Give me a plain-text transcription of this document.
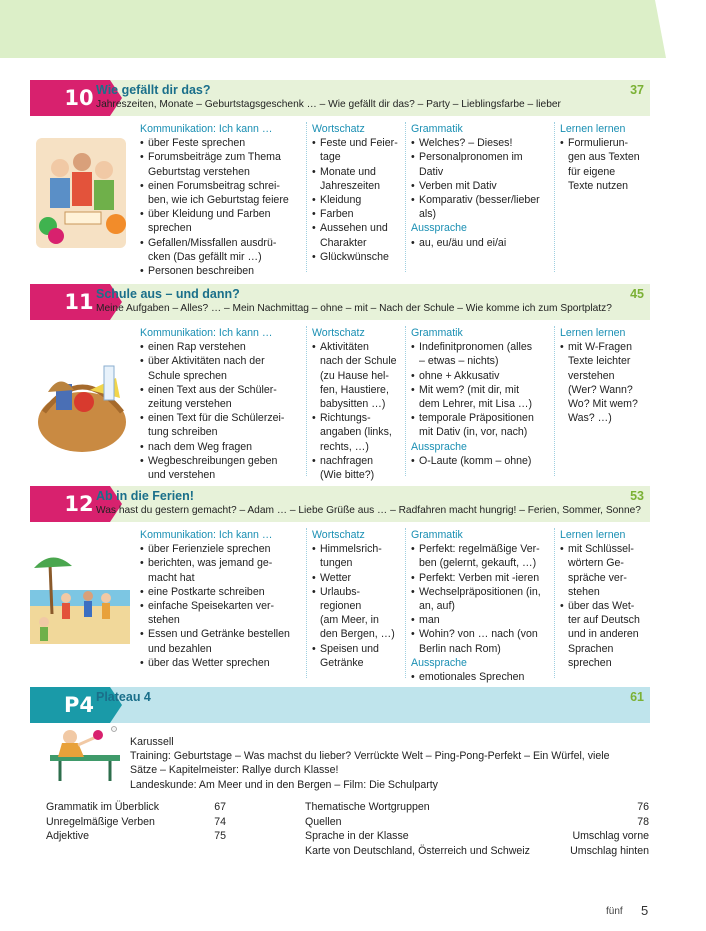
10 Wie gefällt dir das?	37
Jahreszeiten, Monate – Geburtstagsgeschenk … – Wie gefällt dir das? – Party – Lieblingsfarbe – lieber
Kommunikation: Ich kann …
• über Feste sprechen
• Forumsbeiträge zum Thema
Geburtstag verstehen
• einen Forumsbeitrag schrei-
ben, wie ich Geburtstag feiere
• über Kleidung und Farben
sprechen
• Gefallen/Missfallen ausdrü-
cken (Das gefällt mir …)
• Personen beschreiben
Wortschatz
• Feste und Feier-
tage
• Monate und
Jahreszeiten
• Kleidung
• Farben
• Aussehen und
Charakter
• Glückwünsche
Grammatik
• Welches? – Dieses!
• Personalpronomen im
Dativ
• Verben mit Dativ
• Komparativ (besser/lieber
als)
Aussprache
• au, eu/äu und ei/ai
Lernen lernen
• Formulierun-
gen aus Texten
für eigene
Texte nutzen
11 Schule aus – und dann?	45
Meine Aufgaben – Alles? … – Mein Nachmittag – ohne – mit – Nach der Schule – Wie komme ich zum Sportplatz?
Kommunikation: Ich kann …
• einen Rap verstehen
• über Aktivitäten nach der
Schule sprechen
• einen Text aus der Schüler-
zeitung verstehen
• einen Text für die Schülerzei-
tung schreiben
• nach dem Weg fragen
• Wegbeschreibungen geben
und verstehen
Wortschatz
• Aktivitäten
nach der Schule
(zu Hause hel-
fen, Haustiere,
babysitten …)
• Richtungs-
angaben (links,
rechts, …)
• nachfragen
(Wie bitte?)
Grammatik
• Indefinitpronomen (alles
– etwas – nichts)
• ohne + Akkusativ
• Mit wem? (mit dir, mit
dem Lehrer, mit Lisa …)
• temporale Präpositionen
mit Dativ (in, vor, nach)
Aussprache
• O-Laute (komm – ohne)
Lernen lernen
• mit W-Fragen
Texte leichter
verstehen
(Wer? Wann?
Wo? Mit wem?
Was? …)
12 Ab in die Ferien!	53
Was hast du gestern gemacht? – Adam … – Liebe Grüße aus … – Radfahren macht hungrig! – Ferien, Sommer, Sonne?
Kommunikation: Ich kann …
• über Ferienziele sprechen
• berichten, was jemand ge-
macht hat
• eine Postkarte schreiben
• einfache Speisekarten ver-
stehen
• Essen und Getränke bestellen
und bezahlen
• über das Wetter sprechen
Wortschatz
• Himmelsrich-
tungen
• Wetter
• Urlaubs-
regionen
(am Meer, in
den Bergen, …)
• Speisen und
Getränke
Grammatik
• Perfekt: regelmäßige Ver-
ben (gelernt, gekauft, …)
• Perfekt: Verben mit -ieren
• Wechselpräpositionen (in,
an, auf)
• man
• Wohin? von … nach (von
Berlin nach Rom)
Aussprache
• emotionales Sprechen
Lernen lernen
• mit Schlüssel-
wörtern Ge-
spräche ver-
stehen
• über das Wet-
ter auf Deutsch
und in anderen
Sprachen
sprechen
P4 Plateau 4	61
Karussell
Training: Geburtstage – Was machst du lieber? Verrückte Welt – Ping-Pong-Perfekt – Ein Würfel, viele
Sätze – Kapitelmeister: Rallye durch Klasse!
Landeskunde: Am Meer und in den Bergen – Film: Die Schulparty
Grammatik im Überblick	67
Unregelmäßige Verben	74
Adjektive	75
Thematische Wortgruppen	76
Quellen	78
Sprache in der Klasse	Umschlag vorne
Karte von Deutschland, Österreich und Schweiz	Umschlag hinten
fünf 5
